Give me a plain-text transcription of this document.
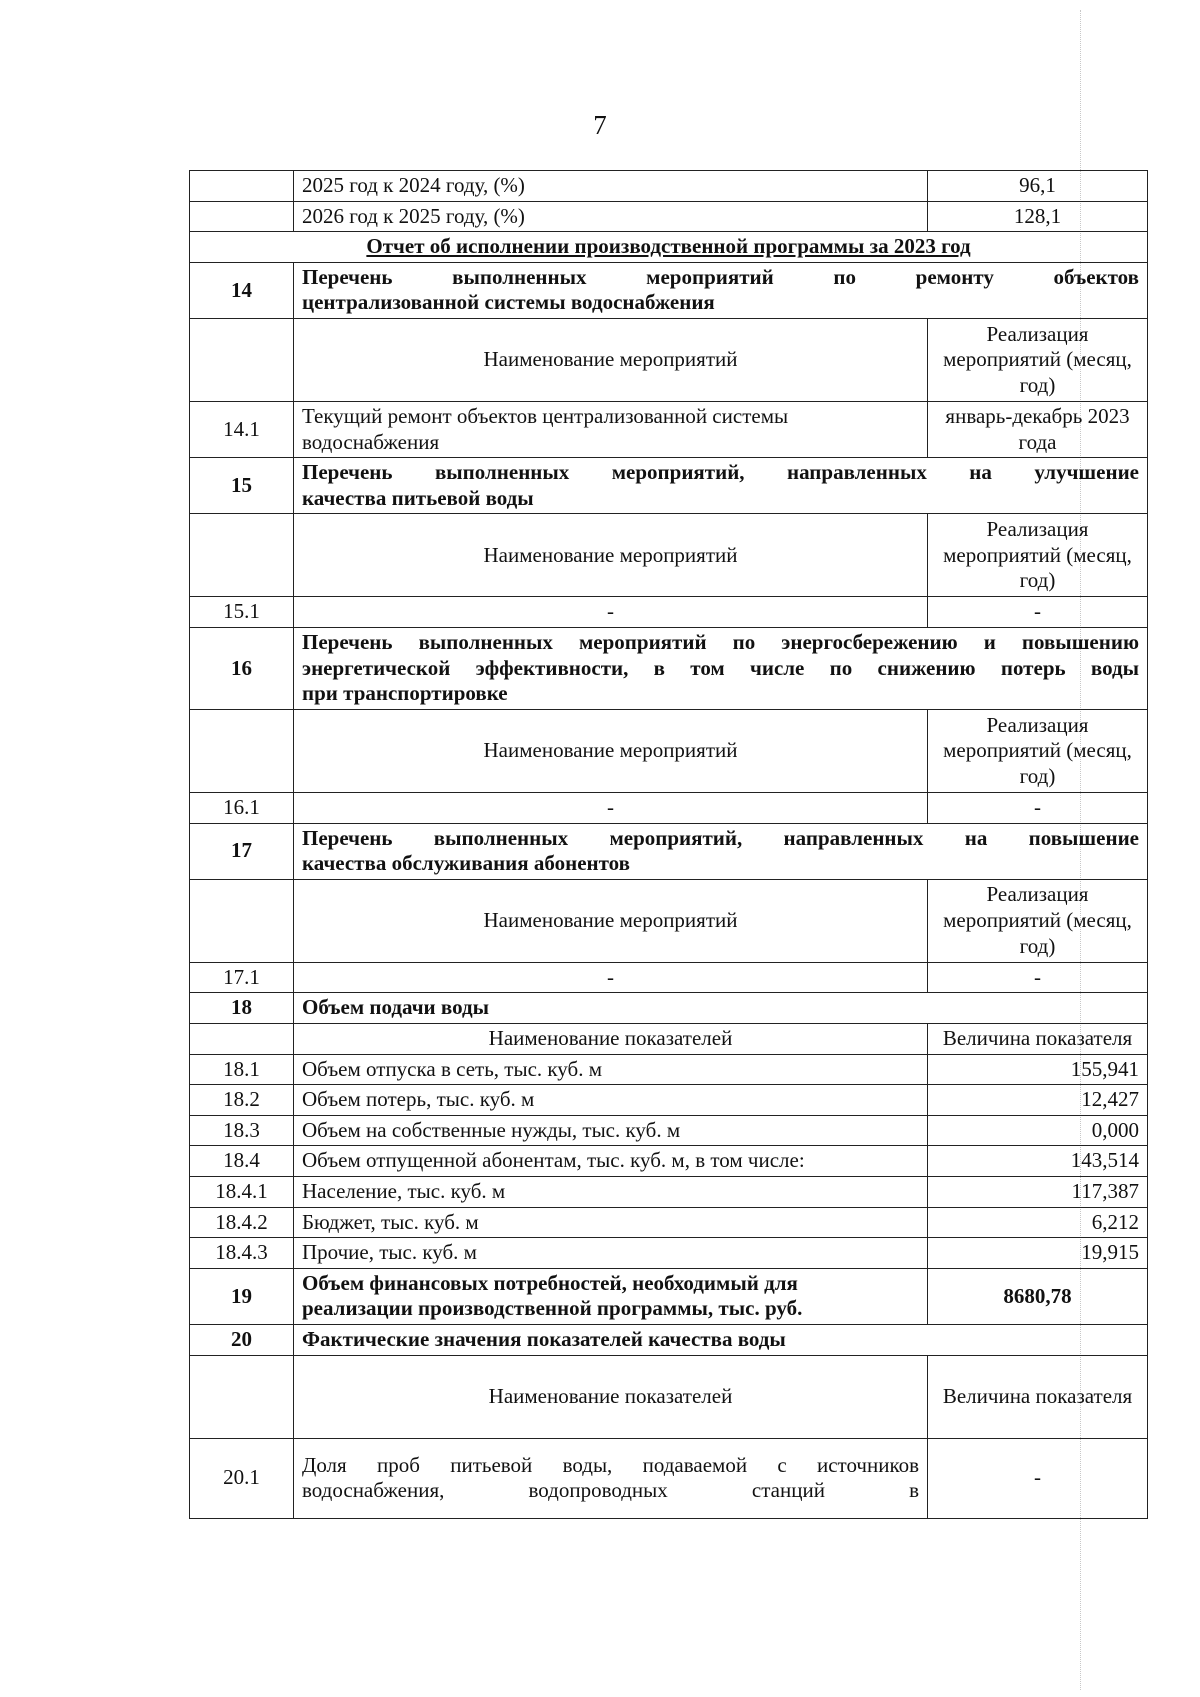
7
	2025 год к 2024 году, (%)	96,1
	2026 год к 2025 году, (%)	128,1
Отчет об исполнении производственной программы за 2023 год		
14	Перечень выполненных мероприятий по ремонту объектов
централизованной системы водоснабжения	

	Наименование мероприятий	Реализация мероприятий (месяц, год)
14.1	Текущий ремонт объектов централизованной системы водоснабжения	январь-декабрь 2023 года
15	Перечень выполненных мероприятий, направленных на улучшение
качества питьевой воды	

	Наименование мероприятий	Реализация мероприятий (месяц, год)
15.1	-	-
16	Перечень выполненных мероприятий по энергосбережению и повышению
энергетической эффективности, в том числе по снижению потерь воды
при транспортировке	

	Наименование мероприятий	Реализация мероприятий (месяц, год)
16.1	-	-
17	Перечень выполненных мероприятий, направленных на повышение
качества обслуживания абонентов	

	Наименование мероприятий	Реализация мероприятий (месяц, год)
17.1	-	-
18	Объем подачи воды	
	Наименование показателей	Величина показателя
18.1	Объем отпуска в сеть, тыс. куб. м	155,941
18.2	Объем потерь, тыс. куб. м	12,427
18.3	Объем на собственные нужды, тыс. куб. м	0,000
18.4	Объем отпущенной абонентам, тыс. куб. м, в том числе:	143,514
18.4.1	Население, тыс. куб. м	117,387
18.4.2	Бюджет, тыс. куб. м	6,212
18.4.3	Прочие, тыс. куб. м	19,915
19	Объем финансовых потребностей, необходимый для
реализации производственной программы, тыс. руб.	8680,78
20	Фактические значения показателей качества воды	
	Наименование показателей	Величина показателя
20.1	Доля проб питьевой воды, подаваемой с источников
водоснабжения, водопроводных станций в	-
